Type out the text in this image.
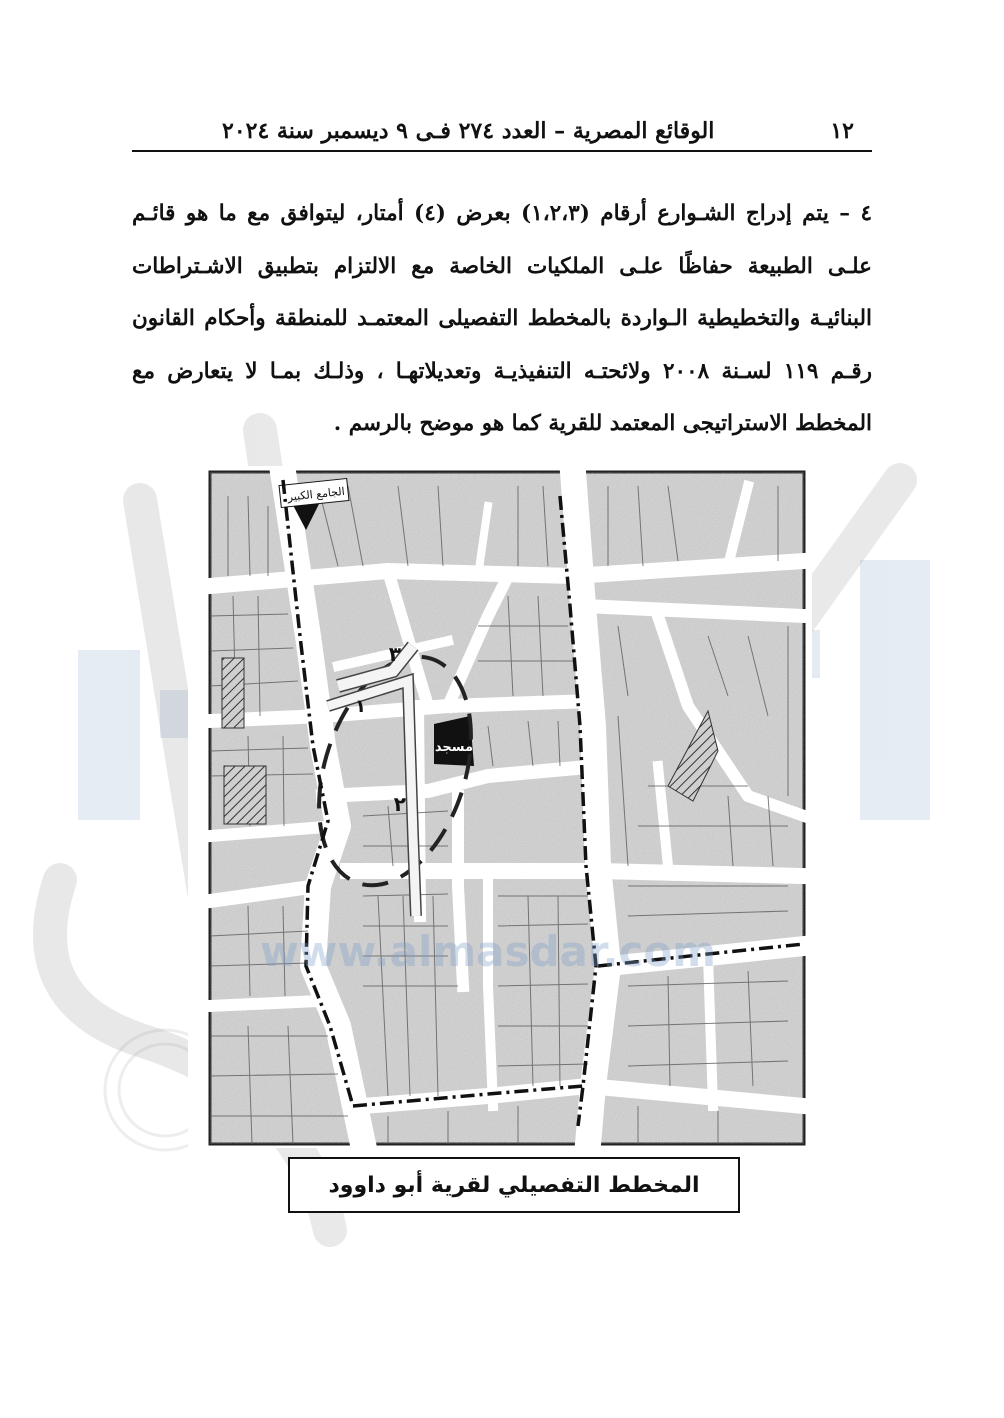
١٢
الوقائع المصرية – العدد ٢٧٤ فـى ٩ ديسمبر سنة ٢٠٢٤

٤ – يتم إدراج الشـوارع أرقام (١،٢،٣) بعرض (٤) أمتار، ليتوافق مع ما هو قائـم علـى الطبيعة حفاظًا علـى الملكيات الخاصة مع الالتزام بتطبيق الاشـتراطات البنائيـة والتخطيطية الـواردة بالمخطط التفصيلى المعتمـد للمنطقة وأحكام القانون رقـم ١١٩ لسـنة ٢٠٠٨ ولائحتـه التنفيذيـة وتعديلاتهـا ، وذلـك بمـا لا يتعارض مع المخطط الاستراتيجى المعتمد للقرية كما هو موضح بالرسم .

الجامع الكبير
مسجد
٣
١
٢
www.almasdar.com
المخطط التفصيلي لقرية أبو داوود
